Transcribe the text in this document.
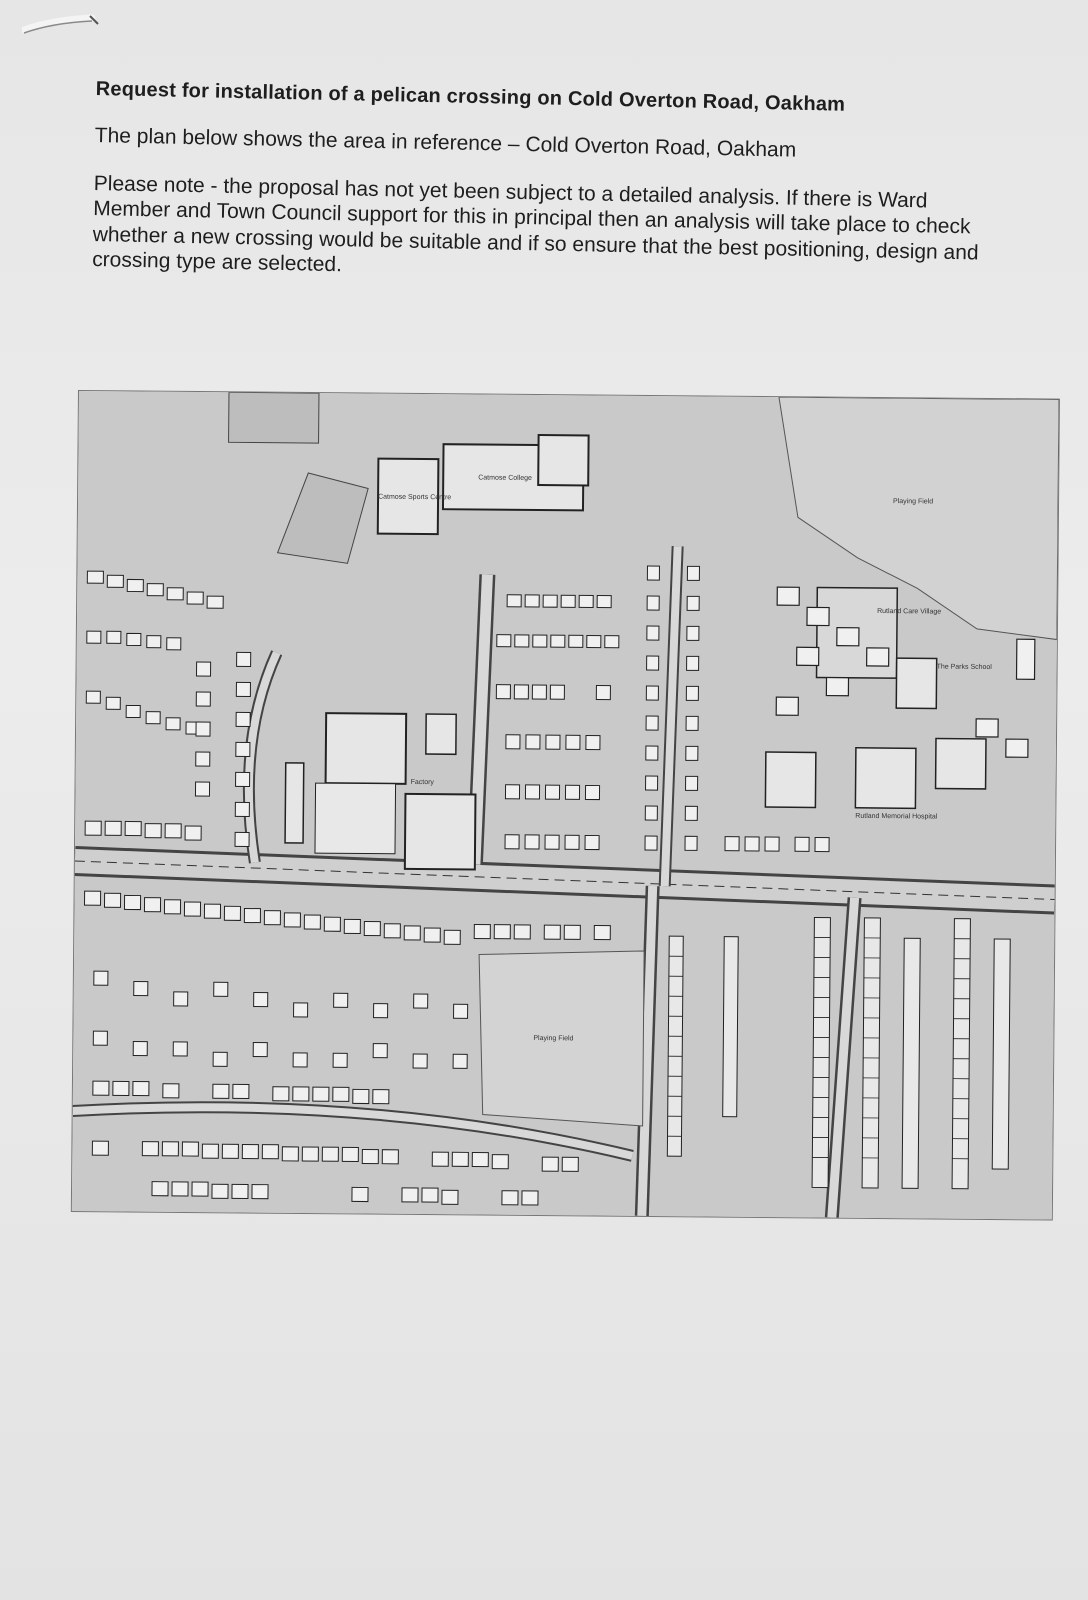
Request for installation of a pelican crossing on Cold Overton Road, Oakham
The plan below shows the area in reference – Cold Overton Road, Oakham
Please note - the proposal has not yet been subject to a detailed analysis. If there is Ward Member and Town Council support for this in principal then an analysis will take place to check whether a new crossing would be suitable and if so ensure that the best positioning, design and crossing type are selected.
Catmose College
Catmose Sports Centre
Playing Field
Rutland Care Village
The Parks School
Factory
Rutland Memorial Hospital
Playing Field
